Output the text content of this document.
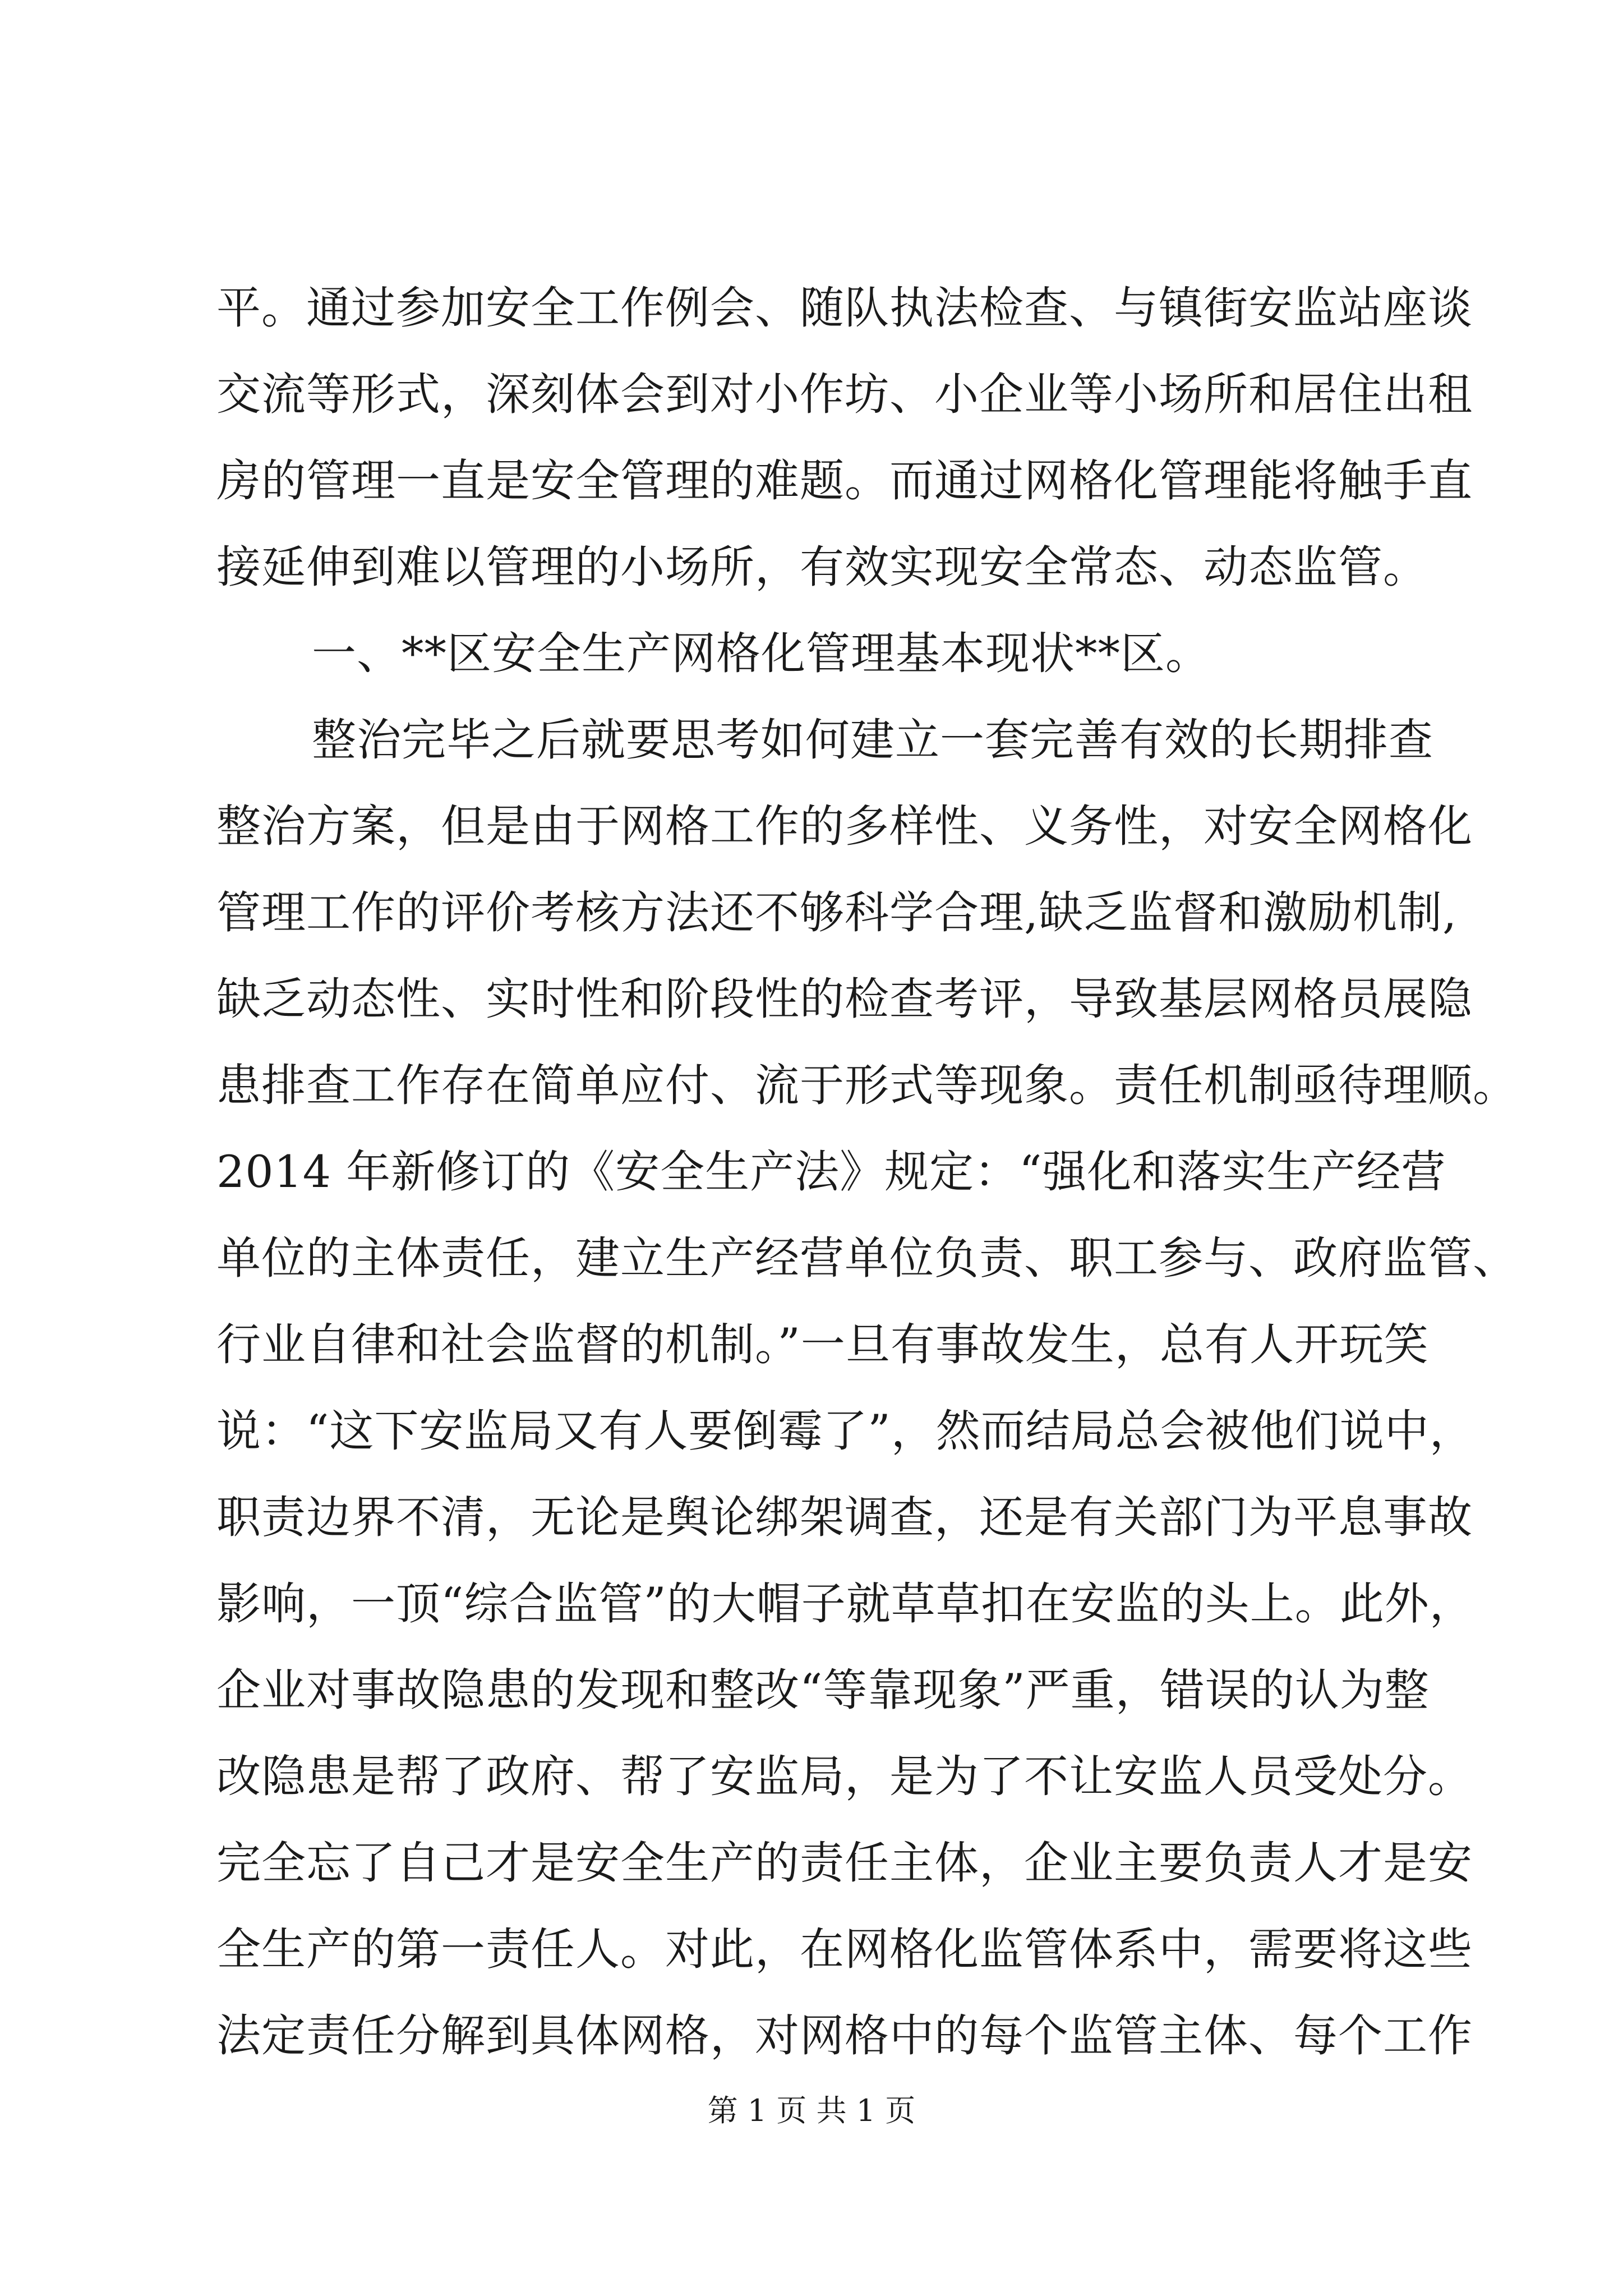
平。通过参加安全工作例会、随队执法检查、与镇街安监站座谈
交流等形式，深刻体会到对小作坊、小企业等小场所和居住出租
房的管理一直是安全管理的难题。而通过网格化管理能将触手直
接延伸到难以管理的小场所，有效实现安全常态、动态监管。
一、**区安全生产网格化管理基本现状**区。
整治完毕之后就要思考如何建立一套完善有效的长期排查
整治方案，但是由于网格工作的多样性、义务性，对安全网格化
管理工作的评价考核方法还不够科学合理,缺乏监督和激励机制,
缺乏动态性、实时性和阶段性的检查考评，导致基层网格员展隐
患排查工作存在简单应付、流于形式等现象。责任机制亟待理顺。
2014 年新修订的《安全生产法》规定：“强化和落实生产经营
单位的主体责任，建立生产经营单位负责、职工参与、政府监管、
行业自律和社会监督的机制。”一旦有事故发生，总有人开玩笑
说：“这下安监局又有人要倒霉了”，然而结局总会被他们说中，
职责边界不清，无论是舆论绑架调查，还是有关部门为平息事故
影响，一顶“综合监管”的大帽子就草草扣在安监的头上。此外，
企业对事故隐患的发现和整改“等靠现象”严重，错误的认为整
改隐患是帮了政府、帮了安监局，是为了不让安监人员受处分。
完全忘了自己才是安全生产的责任主体，企业主要负责人才是安
全生产的第一责任人。对此，在网格化监管体系中，需要将这些
法定责任分解到具体网格，对网格中的每个监管主体、每个工作
第 1 页 共 1 页
